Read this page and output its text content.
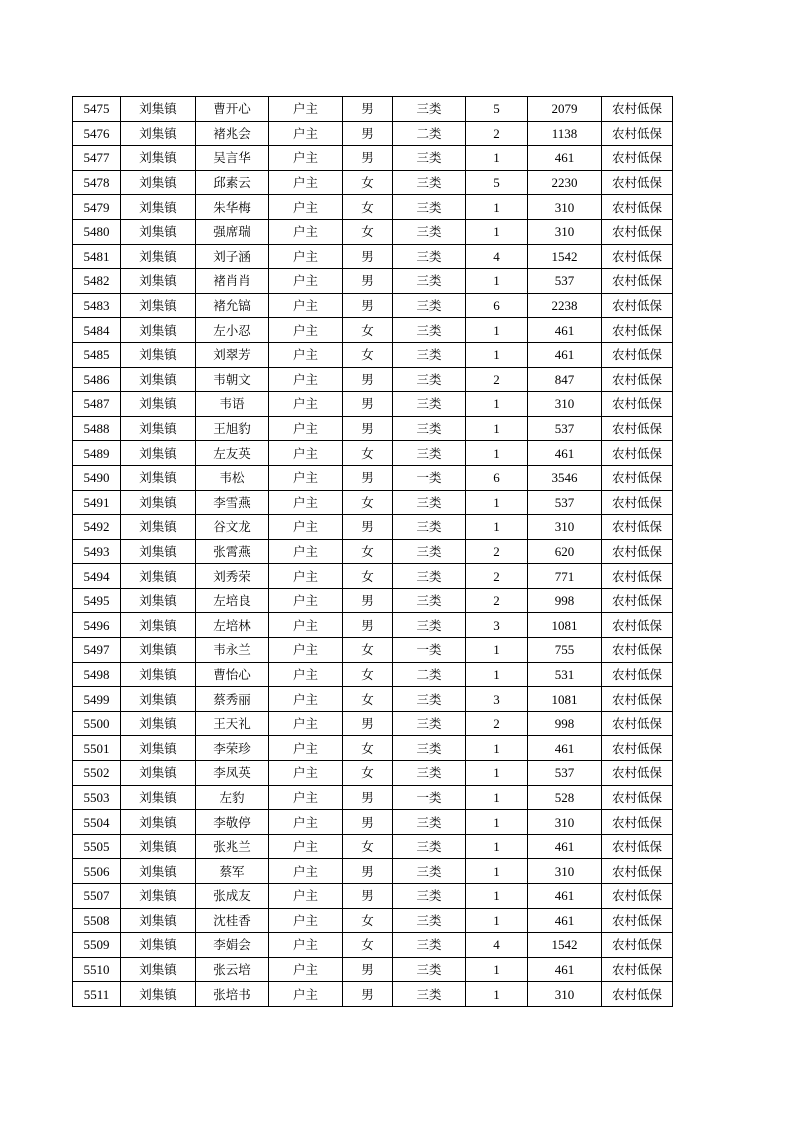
5475	刘集镇	曹开心	户主	男	三类	5	2079	农村低保
5476	刘集镇	褚兆会	户主	男	二类	2	1138	农村低保
5477	刘集镇	吴言华	户主	男	三类	1	461	农村低保
5478	刘集镇	邱素云	户主	女	三类	5	2230	农村低保
5479	刘集镇	朱华梅	户主	女	三类	1	310	农村低保
5480	刘集镇	强席瑞	户主	女	三类	1	310	农村低保
5481	刘集镇	刘子涵	户主	男	三类	4	1542	农村低保
5482	刘集镇	褚肖肖	户主	男	三类	1	537	农村低保
5483	刘集镇	褚允镐	户主	男	三类	6	2238	农村低保
5484	刘集镇	左小忍	户主	女	三类	1	461	农村低保
5485	刘集镇	刘翠芳	户主	女	三类	1	461	农村低保
5486	刘集镇	韦朝文	户主	男	三类	2	847	农村低保
5487	刘集镇	韦语	户主	男	三类	1	310	农村低保
5488	刘集镇	王旭豹	户主	男	三类	1	537	农村低保
5489	刘集镇	左友英	户主	女	三类	1	461	农村低保
5490	刘集镇	韦松	户主	男	一类	6	3546	农村低保
5491	刘集镇	李雪燕	户主	女	三类	1	537	农村低保
5492	刘集镇	谷文龙	户主	男	三类	1	310	农村低保
5493	刘集镇	张霄燕	户主	女	三类	2	620	农村低保
5494	刘集镇	刘秀荣	户主	女	三类	2	771	农村低保
5495	刘集镇	左培良	户主	男	三类	2	998	农村低保
5496	刘集镇	左培林	户主	男	三类	3	1081	农村低保
5497	刘集镇	韦永兰	户主	女	一类	1	755	农村低保
5498	刘集镇	曹怡心	户主	女	二类	1	531	农村低保
5499	刘集镇	蔡秀丽	户主	女	三类	3	1081	农村低保
5500	刘集镇	王天礼	户主	男	三类	2	998	农村低保
5501	刘集镇	李荣珍	户主	女	三类	1	461	农村低保
5502	刘集镇	李凤英	户主	女	三类	1	537	农村低保
5503	刘集镇	左豹	户主	男	一类	1	528	农村低保
5504	刘集镇	李敬停	户主	男	三类	1	310	农村低保
5505	刘集镇	张兆兰	户主	女	三类	1	461	农村低保
5506	刘集镇	蔡军	户主	男	三类	1	310	农村低保
5507	刘集镇	张成友	户主	男	三类	1	461	农村低保
5508	刘集镇	沈桂香	户主	女	三类	1	461	农村低保
5509	刘集镇	李娟会	户主	女	三类	4	1542	农村低保
5510	刘集镇	张云培	户主	男	三类	1	461	农村低保
5511	刘集镇	张培书	户主	男	三类	1	310	农村低保
